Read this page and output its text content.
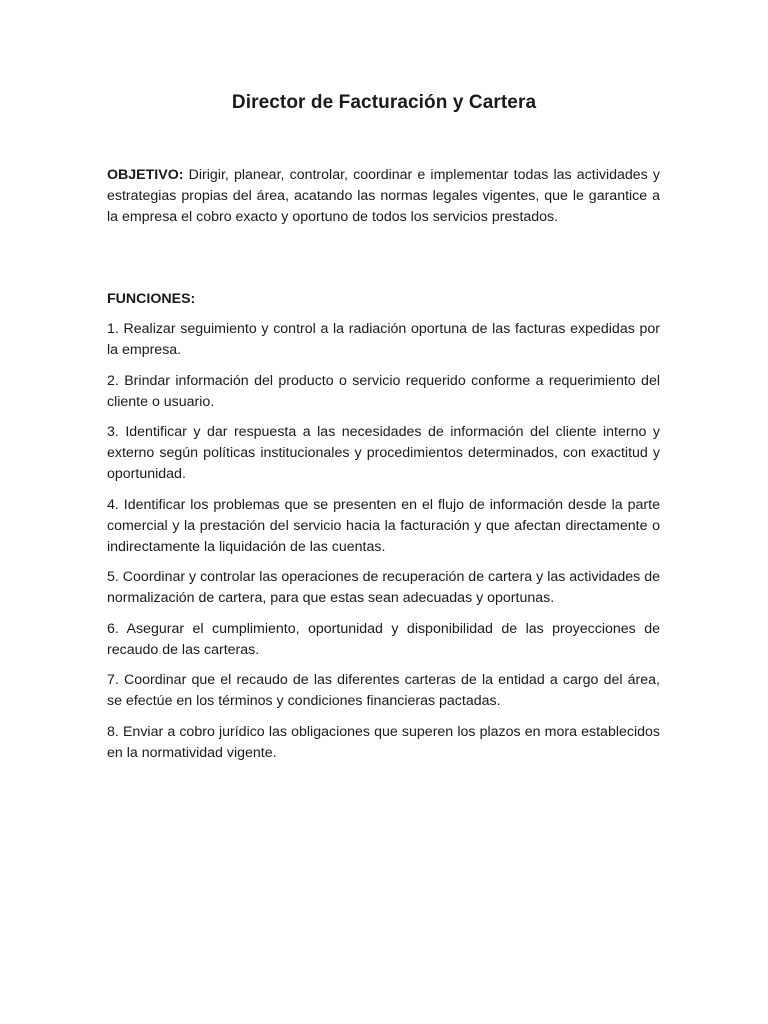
Director de Facturación y Cartera

OBJETIVO: Dirigir, planear, controlar, coordinar e implementar todas las actividades y estrategias propias del área, acatando las normas legales vigentes, que le garantice a la empresa el cobro exacto y oportuno de todos los servicios prestados.

FUNCIONES:
1. Realizar seguimiento y control a la radiación oportuna de las facturas expedidas por la empresa.
2. Brindar información del producto o servicio requerido conforme a requerimiento del cliente o usuario.
3. Identificar y dar respuesta a las necesidades de información del cliente interno y externo según políticas institucionales y procedimientos determinados, con exactitud y oportunidad.
4. Identificar los problemas que se presenten en el flujo de información desde la parte comercial y la prestación del servicio hacia la facturación y que afectan directamente o indirectamente la liquidación de las cuentas.
5. Coordinar y controlar las operaciones de recuperación de cartera y las actividades de normalización de cartera, para que estas sean adecuadas y oportunas.
6. Asegurar el cumplimiento, oportunidad y disponibilidad de las proyecciones de recaudo de las carteras.
7. Coordinar que el recaudo de las diferentes carteras de la entidad a cargo del área, se efectúe en los términos y condiciones financieras pactadas.
8. Enviar a cobro jurídico las obligaciones que superen los plazos en mora establecidos en la normatividad vigente.
